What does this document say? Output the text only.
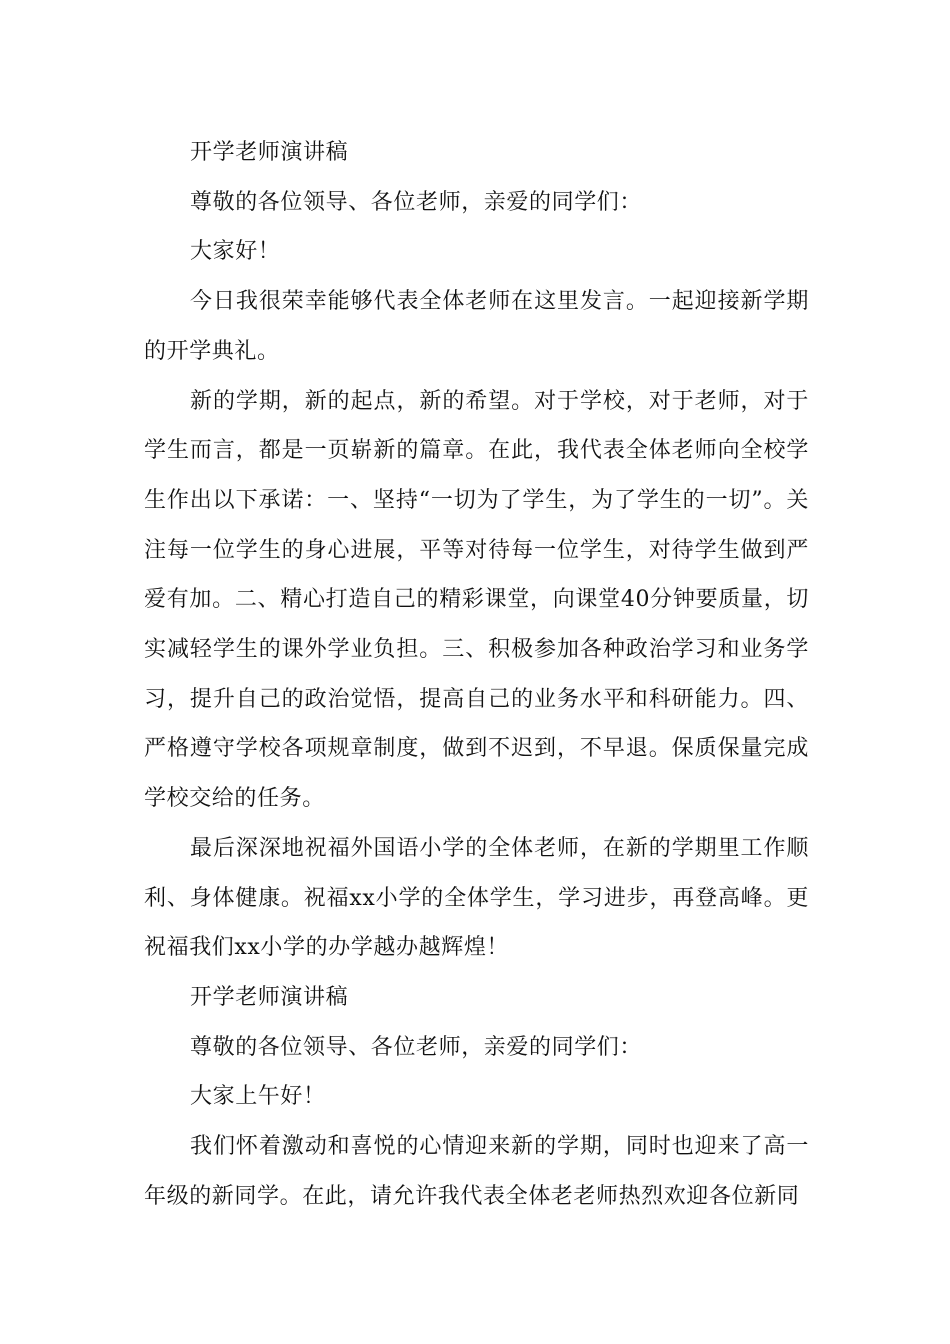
开学老师演讲稿

尊敬的各位领导、各位老师，亲爱的同学们：

大家好！

今日我很荣幸能够代表全体老师在这里发言。一起迎接新学期的开学典礼。

新的学期，新的起点，新的希望。对于学校，对于老师，对于学生而言，都是一页崭新的篇章。在此，我代表全体老师向全校学生作出以下承诺：一、坚持“一切为了学生，为了学生的一切”。关注每一位学生的身心进展，平等对待每一位学生，对待学生做到严爱有加。二、精心打造自己的精彩课堂，向课堂40分钟要质量，切实减轻学生的课外学业负担。三、积极参加各种政治学习和业务学习，提升自己的政治觉悟，提高自己的业务水平和科研能力。四、严格遵守学校各项规章制度，做到不迟到，不早退。保质保量完成学校交给的任务。

最后深深地祝福外国语小学的全体老师，在新的学期里工作顺利、身体健康。祝福xx小学的全体学生，学习进步，再登高峰。更祝福我们xx小学的办学越办越辉煌！

开学老师演讲稿

尊敬的各位领导、各位老师，亲爱的同学们：

大家上午好！

我们怀着激动和喜悦的心情迎来新的学期，同时也迎来了高一年级的新同学。在此，请允许我代表全体老老师热烈欢迎各位新同
